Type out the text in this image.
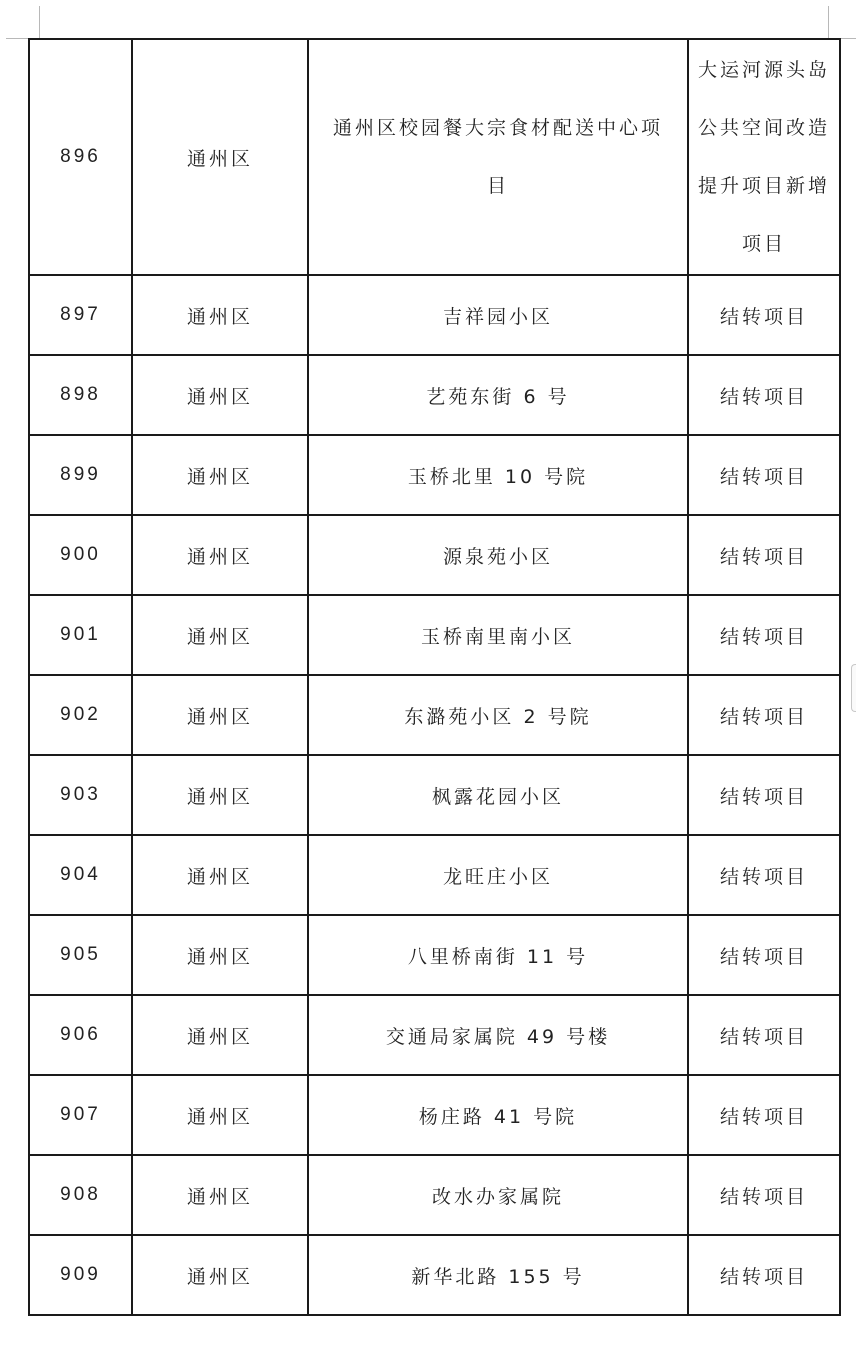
896	通州区	通州区校园餐大宗食材配送中心项目	大运河源头岛公共空间改造提升项目新增项目
897	通州区	吉祥园小区	结转项目
898	通州区	艺苑东街 6 号	结转项目
899	通州区	玉桥北里 10 号院	结转项目
900	通州区	源泉苑小区	结转项目
901	通州区	玉桥南里南小区	结转项目
902	通州区	东潞苑小区 2 号院	结转项目
903	通州区	枫露花园小区	结转项目
904	通州区	龙旺庄小区	结转项目
905	通州区	八里桥南街 11 号	结转项目
906	通州区	交通局家属院 49 号楼	结转项目
907	通州区	杨庄路 41 号院	结转项目
908	通州区	改水办家属院	结转项目
909	通州区	新华北路 155 号	结转项目
